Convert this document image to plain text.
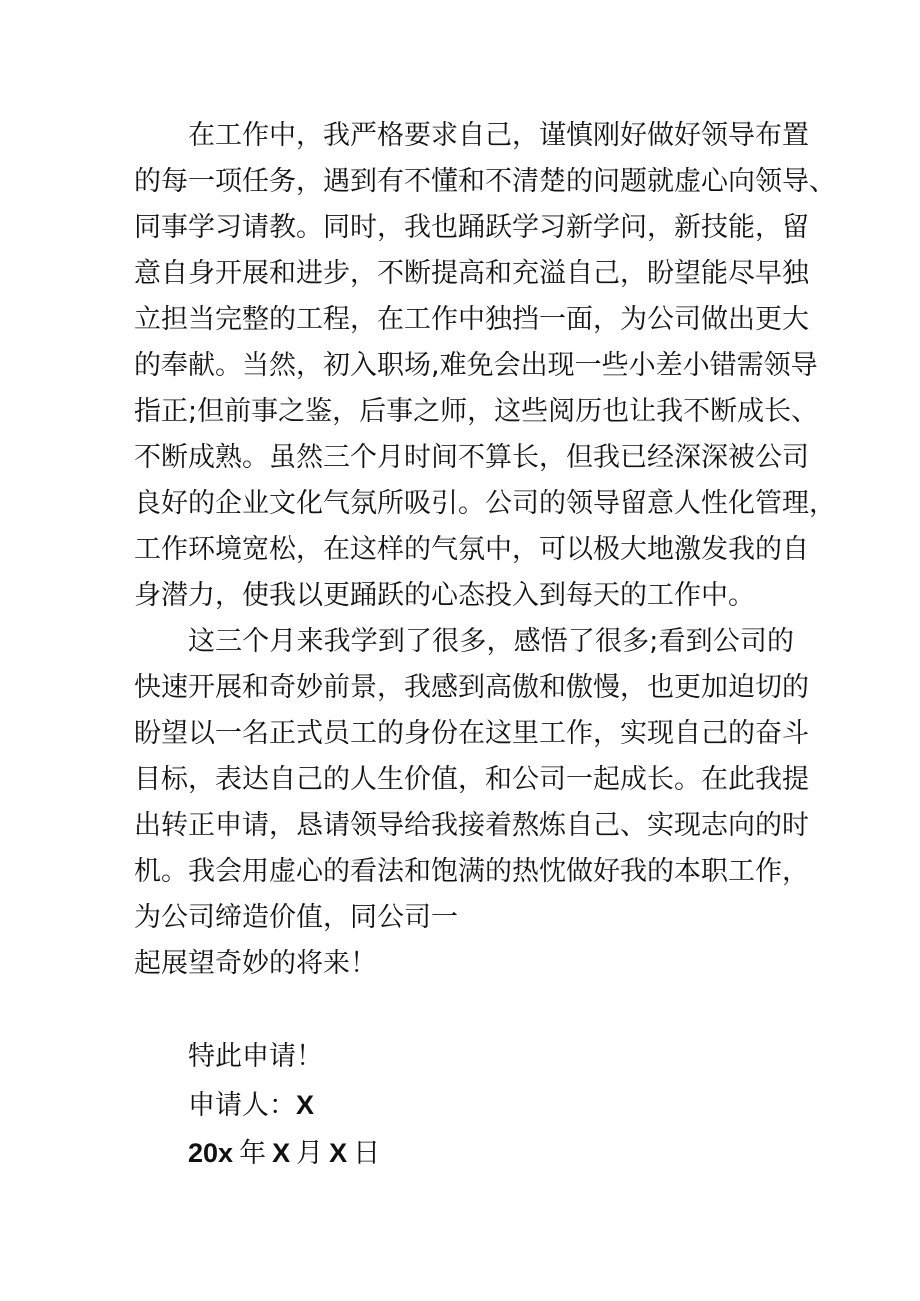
在工作中，我严格要求自己，谨慎刚好做好领导布置
的每一项任务，遇到有不懂和不清楚的问题就虚心向领导、
同事学习请教。同时，我也踊跃学习新学问，新技能，留
意自身开展和进步，不断提高和充溢自己，盼望能尽早独
立担当完整的工程，在工作中独挡一面，为公司做出更大
的奉献。当然，初入职场,难免会出现一些小差小错需领导
指正;但前事之鉴，后事之师，这些阅历也让我不断成长、
不断成熟。虽然三个月时间不算长，但我已经深深被公司
良好的企业文化气氛所吸引。公司的领导留意人性化管理，
工作环境宽松，在这样的气氛中，可以极大地激发我的自
身潜力，使我以更踊跃的心态投入到每天的工作中。
这三个月来我学到了很多，感悟了很多;看到公司的
快速开展和奇妙前景，我感到高傲和傲慢，也更加迫切的
盼望以一名正式员工的身份在这里工作，实现自己的奋斗
目标，表达自己的人生价值，和公司一起成长。在此我提
出转正申请，恳请领导给我接着熬炼自己、实现志向的时
机。我会用虚心的看法和饱满的热忱做好我的本职工作，
为公司缔造价值，同公司一
起展望奇妙的将来！
特此申请！
申请人：X
20x 年 X 月 X 日
